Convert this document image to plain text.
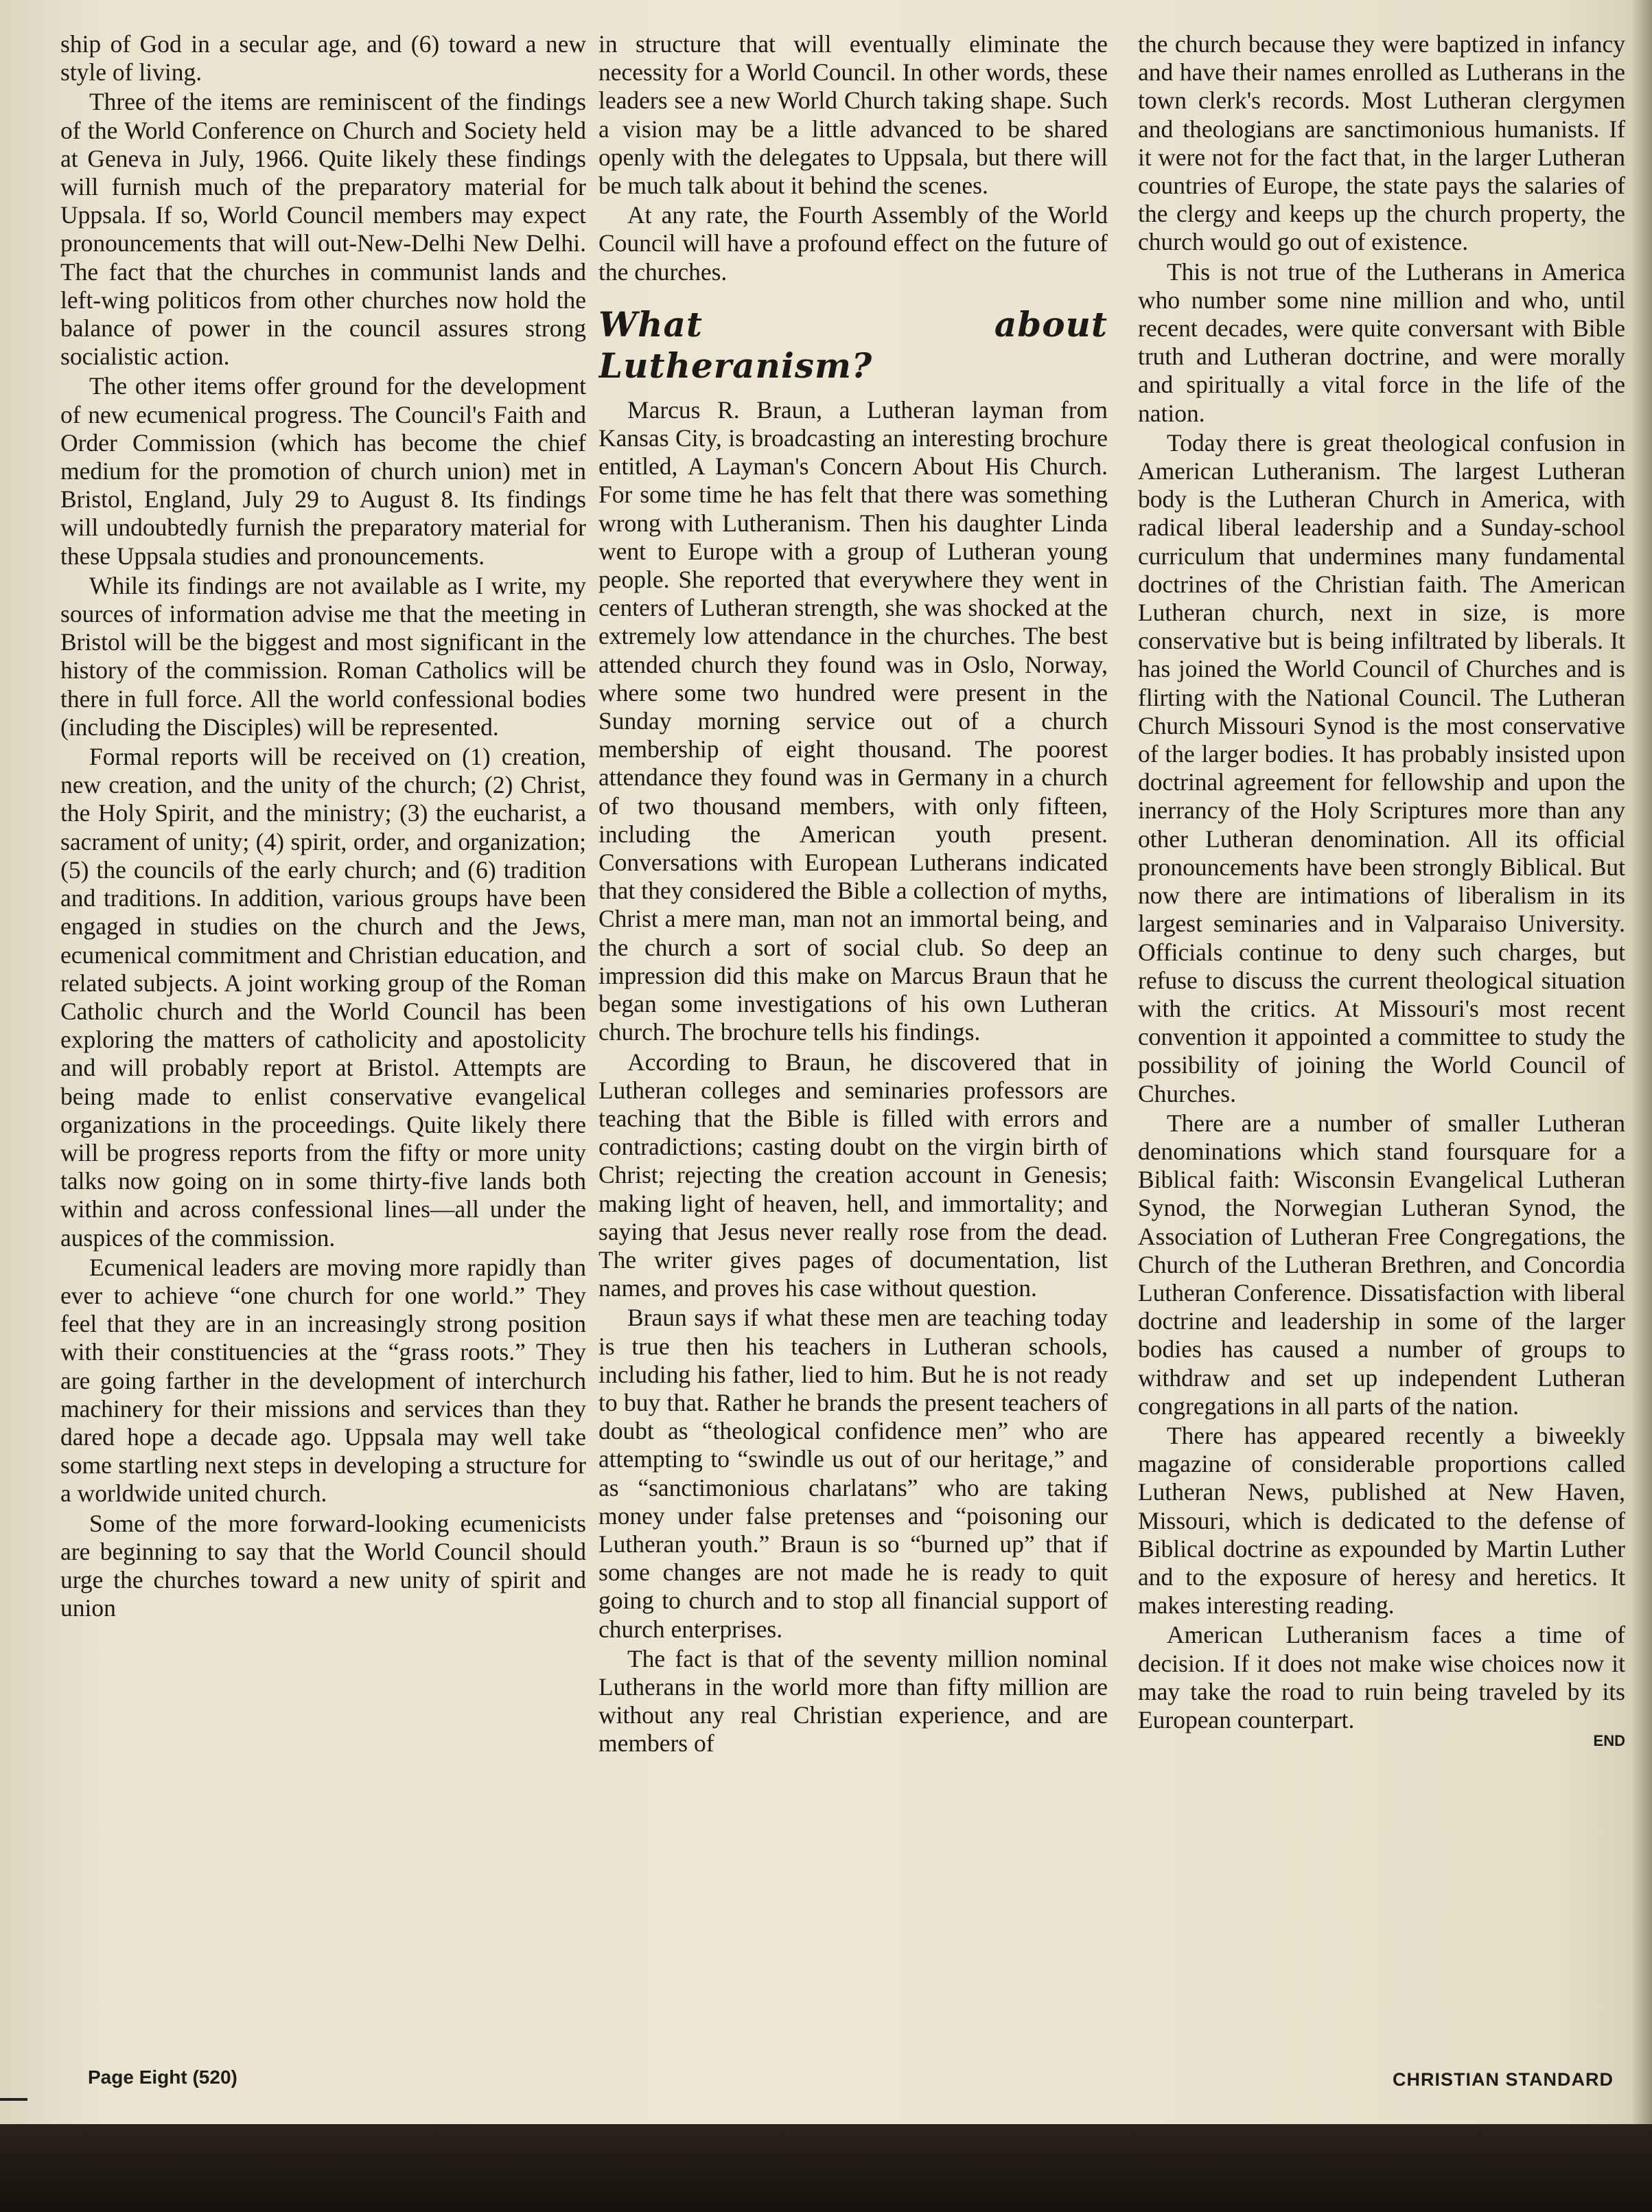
ship of God in a secular age, and (6) toward a new style of living.

Three of the items are reminiscent of the findings of the World Conference on Church and Society held at Geneva in July, 1966. Quite likely these findings will furnish much of the preparatory material for Uppsala. If so, World Council members may expect pronouncements that will out-New-Delhi New Delhi. The fact that the churches in communist lands and left-wing politicos from other churches now hold the balance of power in the council assures strong socialistic action.

The other items offer ground for the development of new ecumenical progress. The Council's Faith and Order Commission (which has become the chief medium for the promotion of church union) met in Bristol, England, July 29 to August 8. Its findings will undoubtedly furnish the preparatory material for these Uppsala studies and pronouncements.

While its findings are not available as I write, my sources of information advise me that the meeting in Bristol will be the biggest and most significant in the history of the commission. Roman Catholics will be there in full force. All the world confessional bodies (including the Disciples) will be represented.

Formal reports will be received on (1) creation, new creation, and the unity of the church; (2) Christ, the Holy Spirit, and the ministry; (3) the eucharist, a sacrament of unity; (4) spirit, order, and organization; (5) the councils of the early church; and (6) tradition and traditions. In addition, various groups have been engaged in studies on the church and the Jews, ecumenical commitment and Christian education, and related subjects. A joint working group of the Roman Catholic church and the World Council has been exploring the matters of catholicity and apostolicity and will probably report at Bristol. Attempts are being made to enlist conservative evangelical organizations in the proceedings. Quite likely there will be progress reports from the fifty or more unity talks now going on in some thirty-five lands both within and across confessional lines—all under the auspices of the commission.

Ecumenical leaders are moving more rapidly than ever to achieve “one church for one world.” They feel that they are in an increasingly strong position with their constituencies at the “grass roots.” They are going farther in the development of interchurch machinery for their missions and services than they dared hope a decade ago. Uppsala may well take some startling next steps in developing a structure for a worldwide united church.

Some of the more forward-looking ecumenicists are beginning to say that the World Council should urge the churches toward a new unity of spirit and union

in structure that will eventually eliminate the necessity for a World Council. In other words, these leaders see a new World Church taking shape. Such a vision may be a little advanced to be shared openly with the delegates to Uppsala, but there will be much talk about it behind the scenes.

At any rate, the Fourth Assembly of the World Council will have a profound effect on the future of the churches.

What about Lutheranism?

Marcus R. Braun, a Lutheran layman from Kansas City, is broadcasting an interesting brochure entitled, A Layman's Concern About His Church. For some time he has felt that there was something wrong with Lutheranism. Then his daughter Linda went to Europe with a group of Lutheran young people. She reported that everywhere they went in centers of Lutheran strength, she was shocked at the extremely low attendance in the churches. The best attended church they found was in Oslo, Norway, where some two hundred were present in the Sunday morning service out of a church membership of eight thousand. The poorest attendance they found was in Germany in a church of two thousand members, with only fifteen, including the American youth present. Conversations with European Lutherans indicated that they considered the Bible a collection of myths, Christ a mere man, man not an immortal being, and the church a sort of social club. So deep an impression did this make on Marcus Braun that he began some investigations of his own Lutheran church. The brochure tells his findings.

According to Braun, he discovered that in Lutheran colleges and seminaries professors are teaching that the Bible is filled with errors and contradictions; casting doubt on the virgin birth of Christ; rejecting the creation account in Genesis; making light of heaven, hell, and immortality; and saying that Jesus never really rose from the dead. The writer gives pages of documentation, list names, and proves his case without question.

Braun says if what these men are teaching today is true then his teachers in Lutheran schools, including his father, lied to him. But he is not ready to buy that. Rather he brands the present teachers of doubt as “theological confidence men” who are attempting to “swindle us out of our heritage,” and as “sanctimonious charlatans” who are taking money under false pretenses and “poisoning our Lutheran youth.” Braun is so “burned up” that if some changes are not made he is ready to quit going to church and to stop all financial support of church enterprises.

The fact is that of the seventy million nominal Lutherans in the world more than fifty million are without any real Christian experience, and are members of

the church because they were baptized in infancy and have their names enrolled as Lutherans in the town clerk's records. Most Lutheran clergymen and theologians are sanctimonious humanists. If it were not for the fact that, in the larger Lutheran countries of Europe, the state pays the salaries of the clergy and keeps up the church property, the church would go out of existence.

This is not true of the Lutherans in America who number some nine million and who, until recent decades, were quite conversant with Bible truth and Lutheran doctrine, and were morally and spiritually a vital force in the life of the nation.

Today there is great theological confusion in American Lutheranism. The largest Lutheran body is the Lutheran Church in America, with radical liberal leadership and a Sunday-school curriculum that undermines many fundamental doctrines of the Christian faith. The American Lutheran church, next in size, is more conservative but is being infiltrated by liberals. It has joined the World Council of Churches and is flirting with the National Council. The Lutheran Church Missouri Synod is the most conservative of the larger bodies. It has probably insisted upon doctrinal agreement for fellowship and upon the inerrancy of the Holy Scriptures more than any other Lutheran denomination. All its official pronouncements have been strongly Biblical. But now there are intimations of liberalism in its largest seminaries and in Valparaiso University. Officials continue to deny such charges, but refuse to discuss the current theological situation with the critics. At Missouri's most recent convention it appointed a committee to study the possibility of joining the World Council of Churches.

There are a number of smaller Lutheran denominations which stand foursquare for a Biblical faith: Wisconsin Evangelical Lutheran Synod, the Norwegian Lutheran Synod, the Association of Lutheran Free Congregations, the Church of the Lutheran Brethren, and Concordia Lutheran Conference. Dissatisfaction with liberal doctrine and leadership in some of the larger bodies has caused a number of groups to withdraw and set up independent Lutheran congregations in all parts of the nation.

There has appeared recently a biweekly magazine of considerable proportions called Lutheran News, published at New Haven, Missouri, which is dedicated to the defense of Biblical doctrine as expounded by Martin Luther and to the exposure of heresy and heretics. It makes interesting reading.

American Lutheranism faces a time of decision. If it does not make wise choices now it may take the road to ruin being traveled by its European counterpart.

END
Page Eight (520)	CHRISTIAN STANDARD
